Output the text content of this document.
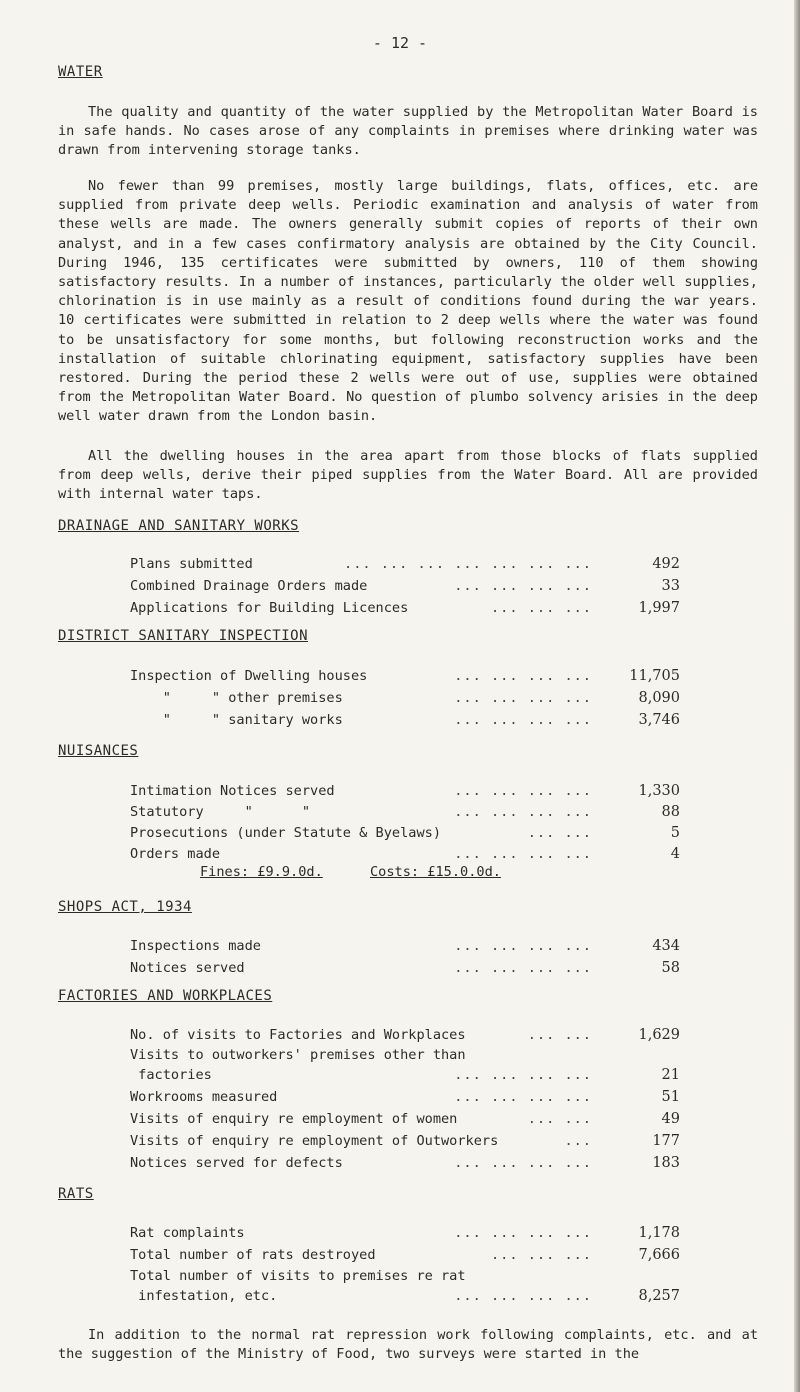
- 12 -
WATER

The quality and quantity of the water supplied by the Metropolitan Water Board is in safe hands. No cases arose of any complaints in premises where drinking water was drawn from intervening storage tanks.

No fewer than 99 premises, mostly large buildings, flats, offices, etc. are supplied from private deep wells. Periodic examination and analysis of water from these wells are made. The owners generally submit copies of reports of their own analyst, and in a few cases confirmatory analysis are obtained by the City Council. During 1946, 135 certificates were submitted by owners, 110 of them showing satisfactory results. In a number of instances, particularly the older well supplies, chlorination is in use mainly as a result of conditions found during the war years. 10 certificates were submitted in relation to 2 deep wells where the water was found to be unsatisfactory for some months, but following reconstruction works and the installation of suitable chlorinating equipment, satisfactory supplies have been restored. During the period these 2 wells were out of use, supplies were obtained from the Metropolitan Water Board. No question of plumbo solvency arisies in the deep well water drawn from the London basin.

All the dwelling houses in the area apart from those blocks of flats supplied from deep wells, derive their piped supplies from the Water Board. All are provided with internal water taps.

DRAINAGE AND SANITARY WORKS
... ... ... ... ... ... ...
Plans submitted	492
... ... ... ...
Combined Drainage Orders made	33
... ... ...
Applications for Building Licences	1,997
DISTRICT SANITARY INSPECTION
... ... ... ...
Inspection of Dwelling houses	11,705
... ... ... ...
"     " other premises	8,090
... ... ... ...
"     " sanitary works	3,746
NUISANCES
... ... ... ...
Intimation Notices served	1,330
... ... ... ...
Statutory     "      "	88
... ...
Prosecutions (under Statute & Byelaws)	5
... ... ... ...
Orders made	4
Fines: £9.9.0d.	Costs: £15.0.0d.
SHOPS ACT, 1934
... ... ... ...
Inspections made	434
... ... ... ...
Notices served	58
FACTORIES AND WORKPLACES
... ...
No. of visits to Factories and Workplaces	1,629
Visits to outworkers' premises other than
... ... ... ...
factories	21
... ... ... ...
Workrooms measured	51
... ...
Visits of enquiry re employment of women	49
...
Visits of enquiry re employment of Outworkers	177
... ... ... ...
Notices served for defects	183
RATS
... ... ... ...
Rat complaints	1,178
... ... ...
Total number of rats destroyed	7,666
Total number of visits to premises re rat
... ... ... ...
infestation, etc.	8,257

In addition to the normal rat repression work following complaints, etc. and at the suggestion of the Ministry of Food, two surveys were started in the
